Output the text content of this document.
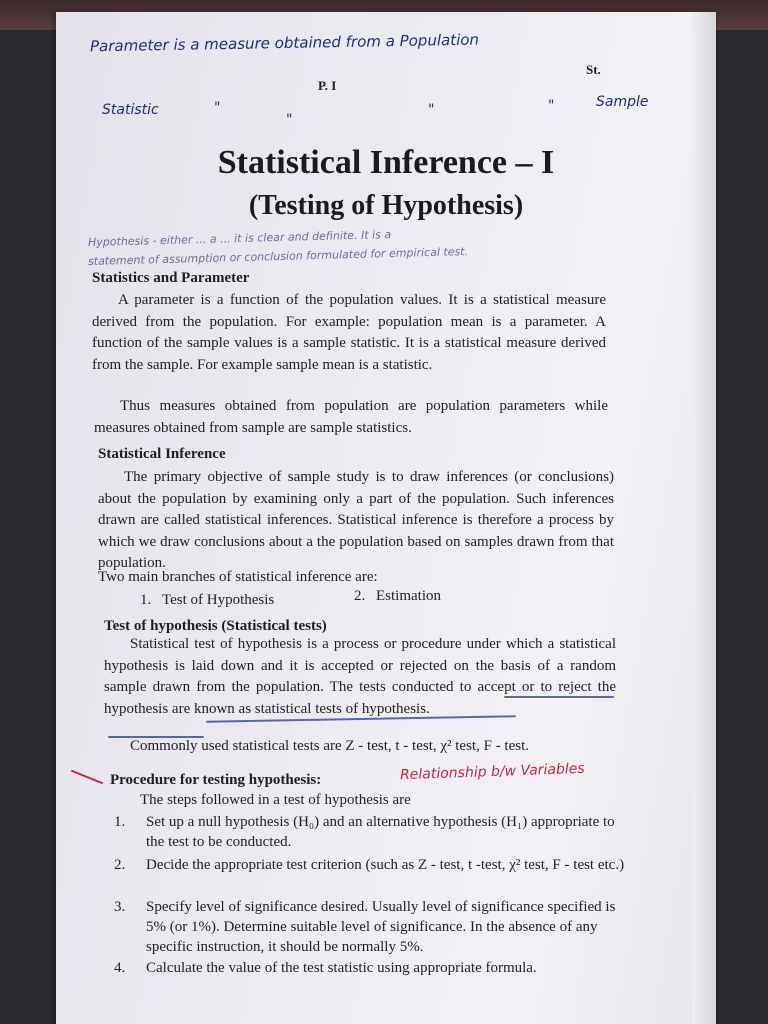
Parameter is a measure obtained from a Population
P. I
St.
Statistic	"
"
"	"	Sample
Statistical Inference – I
(Testing of Hypothesis)
Hypothesis - either ... a ... it is clear and definite. It is a
statement of assumption or conclusion formulated for empirical test.
Statistics and Parameter
A parameter is a function of the population values. It is a statistical measure derived from the population. For example: population mean is a parameter. A function of the sample values is a sample statistic. It is a statistical measure derived from the sample. For example sample mean is a statistic.
Thus measures obtained from population are population parameters while measures obtained from sample are sample statistics.
Statistical Inference
The primary objective of sample study is to draw inferences (or conclusions) about the population by examining only a part of the population. Such inferences drawn are called statistical inferences. Statistical inference is therefore a process by which we draw conclusions about a the population based on samples drawn from that population.
Two main branches of statistical inference are:
1. Test of Hypothesis	2. Estimation
Test of hypothesis (Statistical tests)
Statistical test of hypothesis is a process or procedure under which a statistical hypothesis is laid down and it is accepted or rejected on the basis of a random sample drawn from the population. The tests conducted to accept or to reject the hypothesis are known as statistical tests of hypothesis.
Commonly used statistical tests are Z - test, t - test, χ² test, F - test.
Procedure for testing hypothesis:	Relationship b/w Variables
The steps followed in a test of hypothesis are
1. Set up a null hypothesis (H₀) and an alternative hypothesis (H₁) appropriate to the test to be conducted.
2. Decide the appropriate test criterion (such as Z - test, t -test, χ² test, F - test etc.)
3. Specify level of significance desired. Usually level of significance specified is 5% (or 1%). Determine suitable level of significance. In the absence of any specific instruction, it should be normally 5%.
4. Calculate the value of the test statistic using appropriate formula.
